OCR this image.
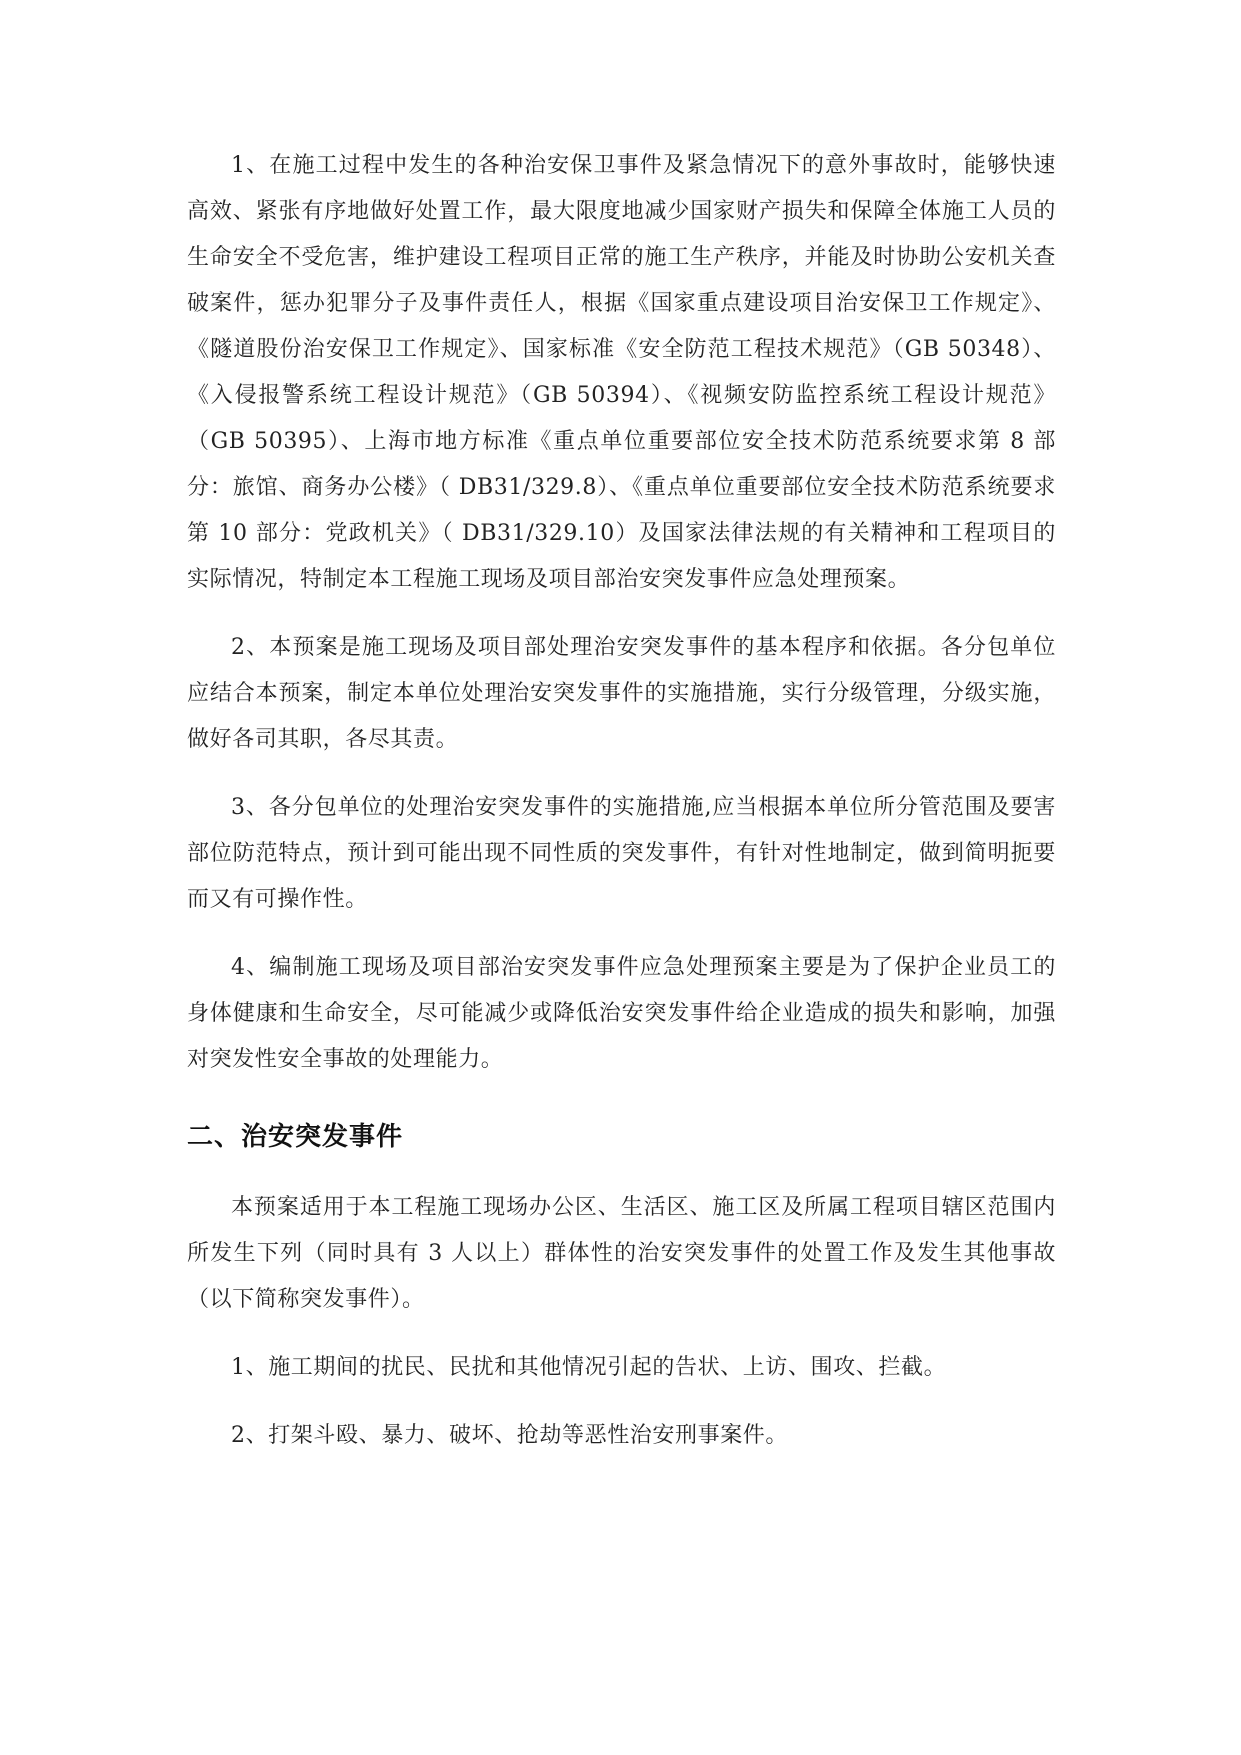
1、在施工过程中发生的各种治安保卫事件及紧急情况下的意外事故时，能够快速高效、紧张有序地做好处置工作，最大限度地减少国家财产损失和保障全体施工人员的生命安全不受危害，维护建设工程项目正常的施工生产秩序，并能及时协助公安机关查破案件，惩办犯罪分子及事件责任人，根据《国家重点建设项目治安保卫工作规定》、《隧道股份治安保卫工作规定》、国家标准《安全防范工程技术规范》（GB 50348）、《入侵报警系统工程设计规范》（GB 50394）、《视频安防监控系统工程设计规范》（GB 50395）、上海市地方标准《重点单位重要部位安全技术防范系统要求第 8 部分：旅馆、商务办公楼》（ DB31/329.8）、《重点单位重要部位安全技术防范系统要求第 10 部分：党政机关》（ DB31/329.10）及国家法律法规的有关精神和工程项目的实际情况，特制定本工程施工现场及项目部治安突发事件应急处理预案。

2、本预案是施工现场及项目部处理治安突发事件的基本程序和依据。各分包单位应结合本预案，制定本单位处理治安突发事件的实施措施，实行分级管理，分级实施，做好各司其职，各尽其责。

3、各分包单位的处理治安突发事件的实施措施,应当根据本单位所分管范围及要害部位防范特点，预计到可能出现不同性质的突发事件，有针对性地制定，做到简明扼要而又有可操作性。

4、编制施工现场及项目部治安突发事件应急处理预案主要是为了保护企业员工的身体健康和生命安全，尽可能减少或降低治安突发事件给企业造成的损失和影响，加强对突发性安全事故的处理能力。

二、治安突发事件

本预案适用于本工程施工现场办公区、生活区、施工区及所属工程项目辖区范围内所发生下列（同时具有 3 人以上）群体性的治安突发事件的处置工作及发生其他事故（以下简称突发事件）。

1、施工期间的扰民、民扰和其他情况引起的告状、上访、围攻、拦截。

2、打架斗殴、暴力、破坏、抢劫等恶性治安刑事案件。
